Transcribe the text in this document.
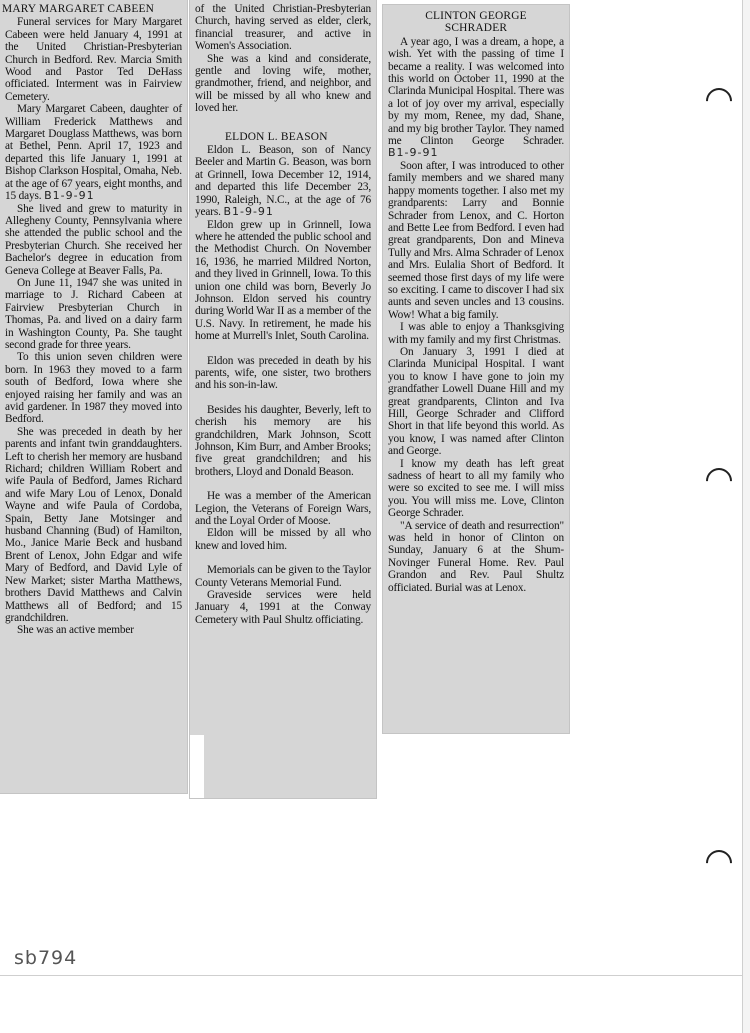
MARY MARGARET CABEEN

Funeral services for Mary Margaret Cabeen were held January 4, 1991 at the United Christian-Presbyterian Church in Bedford. Rev. Marcia Smith Wood and Pastor Ted DeHass officiated. Interment was in Fairview Cemetery.

Mary Margaret Cabeen, daughter of William Frederick Matthews and Margaret Douglass Matthews, was born at Bethel, Penn. April 17, 1923 and departed this life January 1, 1991 at Bishop Clarkson Hospital, Omaha, Neb. at the age of 67 years, eight months, and 15 days. B1-9-91

She lived and grew to maturity in Allegheny County, Pennsylvania where she attended the public school and the Presbyterian Church. She received her Bachelor's degree in education from Geneva College at Beaver Falls, Pa.

On June 11, 1947 she was united in marriage to J. Richard Cabeen at Fairview Presbyterian Church in Thomas, Pa. and lived on a dairy farm in Washington County, Pa. She taught second grade for three years.

To this union seven children were born. In 1963 they moved to a farm south of Bedford, Iowa where she enjoyed raising her family and was an avid gardener. In 1987 they moved into Bedford.

She was preceded in death by her parents and infant twin granddaughters. Left to cherish her memory are husband Richard; children William Robert and wife Paula of Bedford, James Richard and wife Mary Lou of Lenox, Donald Wayne and wife Paula of Cordoba, Spain, Betty Jane Motsinger and husband Channing (Bud) of Hamilton, Mo., Janice Marie Beck and husband Brent of Lenox, John Edgar and wife Mary of Bedford, and David Lyle of New Market; sister Martha Matthews, brothers David Matthews and Calvin Matthews all of Bedford; and 15 grandchildren.

She was an active member

of the United Christian-Presbyterian Church, having served as elder, clerk, financial treasurer, and active in Women's Association.

She was a kind and considerate, gentle and loving wife, mother, grandmother, friend, and neighbor, and will be missed by all who knew and loved her.

ELDON L. BEASON

Eldon L. Beason, son of Nancy Beeler and Martin G. Beason, was born at Grinnell, Iowa December 12, 1914, and departed this life December 23, 1990, Raleigh, N.C., at the age of 76 years. B1-9-91

Eldon grew up in Grinnell, Iowa where he attended the public school and the Methodist Church. On November 16, 1936, he married Mildred Norton, and they lived in Grinnell, Iowa. To this union one child was born, Beverly Jo Johnson. Eldon served his country during World War II as a member of the U.S. Navy. In retirement, he made his home at Murrell's Inlet, South Carolina.

Eldon was preceded in death by his parents, wife, one sister, two brothers and his son-in-law.

Besides his daughter, Beverly, left to cherish his memory are his grandchildren, Mark Johnson, Scott Johnson, Kim Burr, and Amber Brooks; five great grandchildren; and his brothers, Lloyd and Donald Beason.

He was a member of the American Legion, the Veterans of Foreign Wars, and the Loyal Order of Moose.

Eldon will be missed by all who knew and loved him.

Memorials can be given to the Taylor County Veterans Memorial Fund.

Graveside services were held January 4, 1991 at the Conway Cemetery with Paul Shultz officiating.

CLINTON GEORGE
SCHRADER

A year ago, I was a dream, a hope, a wish. Yet with the passing of time I became a reality. I was welcomed into this world on October 11, 1990 at the Clarinda Municipal Hospital. There was a lot of joy over my arrival, especially by my mom, Renee, my dad, Shane, and my big brother Taylor. They named me Clinton George Schrader. B1-9-91

Soon after, I was introduced to other family members and we shared many happy moments together. I also met my grandparents: Larry and Bonnie Schrader from Lenox, and C. Horton and Bette Lee from Bedford. I even had great grandparents, Don and Mineva Tully and Mrs. Alma Schrader of Lenox and Mrs. Eulalia Short of Bedford. It seemed those first days of my life were so exciting. I came to discover I had six aunts and seven uncles and 13 cousins. Wow! What a big family.

I was able to enjoy a Thanksgiving with my family and my first Christmas.

On January 3, 1991 I died at Clarinda Municipal Hospital. I want you to know I have gone to join my grandfather Lowell Duane Hill and my great grandparents, Clinton and Iva Hill, George Schrader and Clifford Short in that life beyond this world. As you know, I was named after Clinton and George.

I know my death has left great sadness of heart to all my family who were so excited to see me. I will miss you. You will miss me. Love, Clinton George Schrader.

"A service of death and resurrection" was held in honor of Clinton on Sunday, January 6 at the Shum-Novinger Funeral Home. Rev. Paul Grandon and Rev. Paul Shultz officiated. Burial was at Lenox.

sb794
